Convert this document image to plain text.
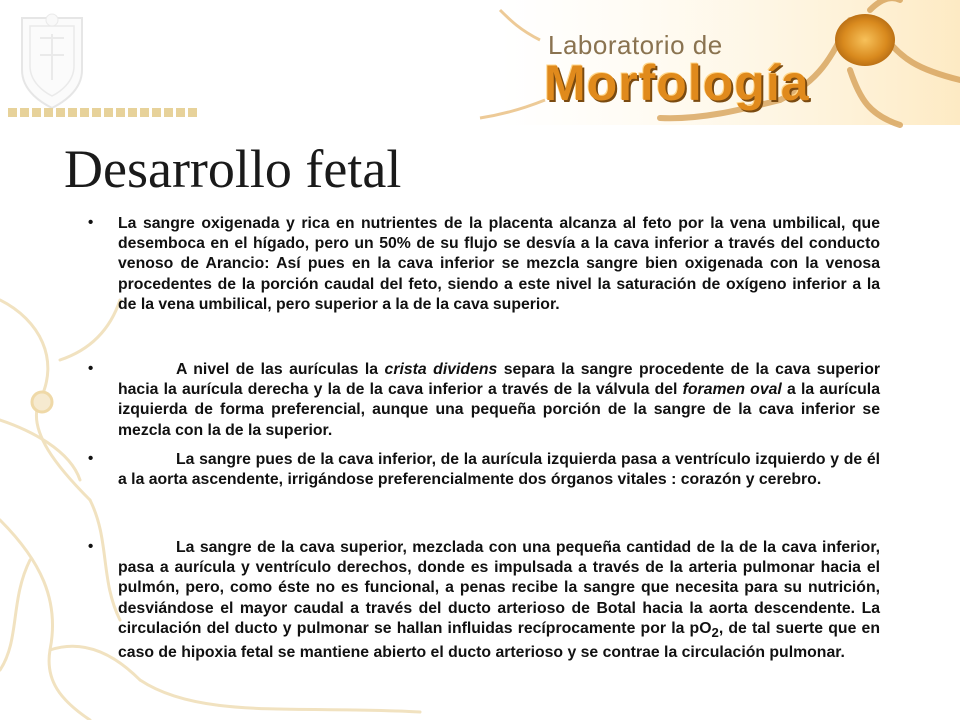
Laboratorio de
Morfología
Desarrollo fetal
• La sangre oxigenada y rica en nutrientes de la placenta alcanza al feto por la vena umbilical, que desemboca en el hígado, pero un 50% de su flujo se desvía a la cava inferior a través del conducto venoso de Arancio: Así pues en la cava inferior se mezcla sangre bien oxigenada con la venosa procedentes de la porción caudal del feto, siendo a este nivel la saturación de oxígeno inferior a la de la vena umbilical, pero superior a la de la cava superior.

•	A nivel de las aurículas la crista dividens separa la sangre procedente de la cava superior hacia la aurícula derecha y la de la cava inferior a través de la válvula del foramen oval a la aurícula izquierda de forma preferencial, aunque una pequeña porción de la sangre de la cava inferior se mezcla con la de la superior.

•	La sangre pues de la cava inferior, de la aurícula izquierda pasa a ventrículo izquierdo y de él a la aorta ascendente, irrigándose preferencialmente dos órganos vitales : corazón y cerebro.

•	La sangre de la cava superior, mezclada con una pequeña cantidad de la de la cava inferior, pasa a aurícula y ventrículo derechos, donde es impulsada a través de la arteria pulmonar hacia el pulmón, pero, como éste no es funcional, a penas recibe la sangre que necesita para su nutrición, desviándose el mayor caudal a través del ducto arterioso de Botal hacia la aorta descendente. La circulación del ducto y pulmonar se hallan influidas recíprocamente por la $pO_2$, de tal suerte que en caso de hipoxia fetal se mantiene abierto el ducto arterioso y se contrae la circulación pulmonar.
